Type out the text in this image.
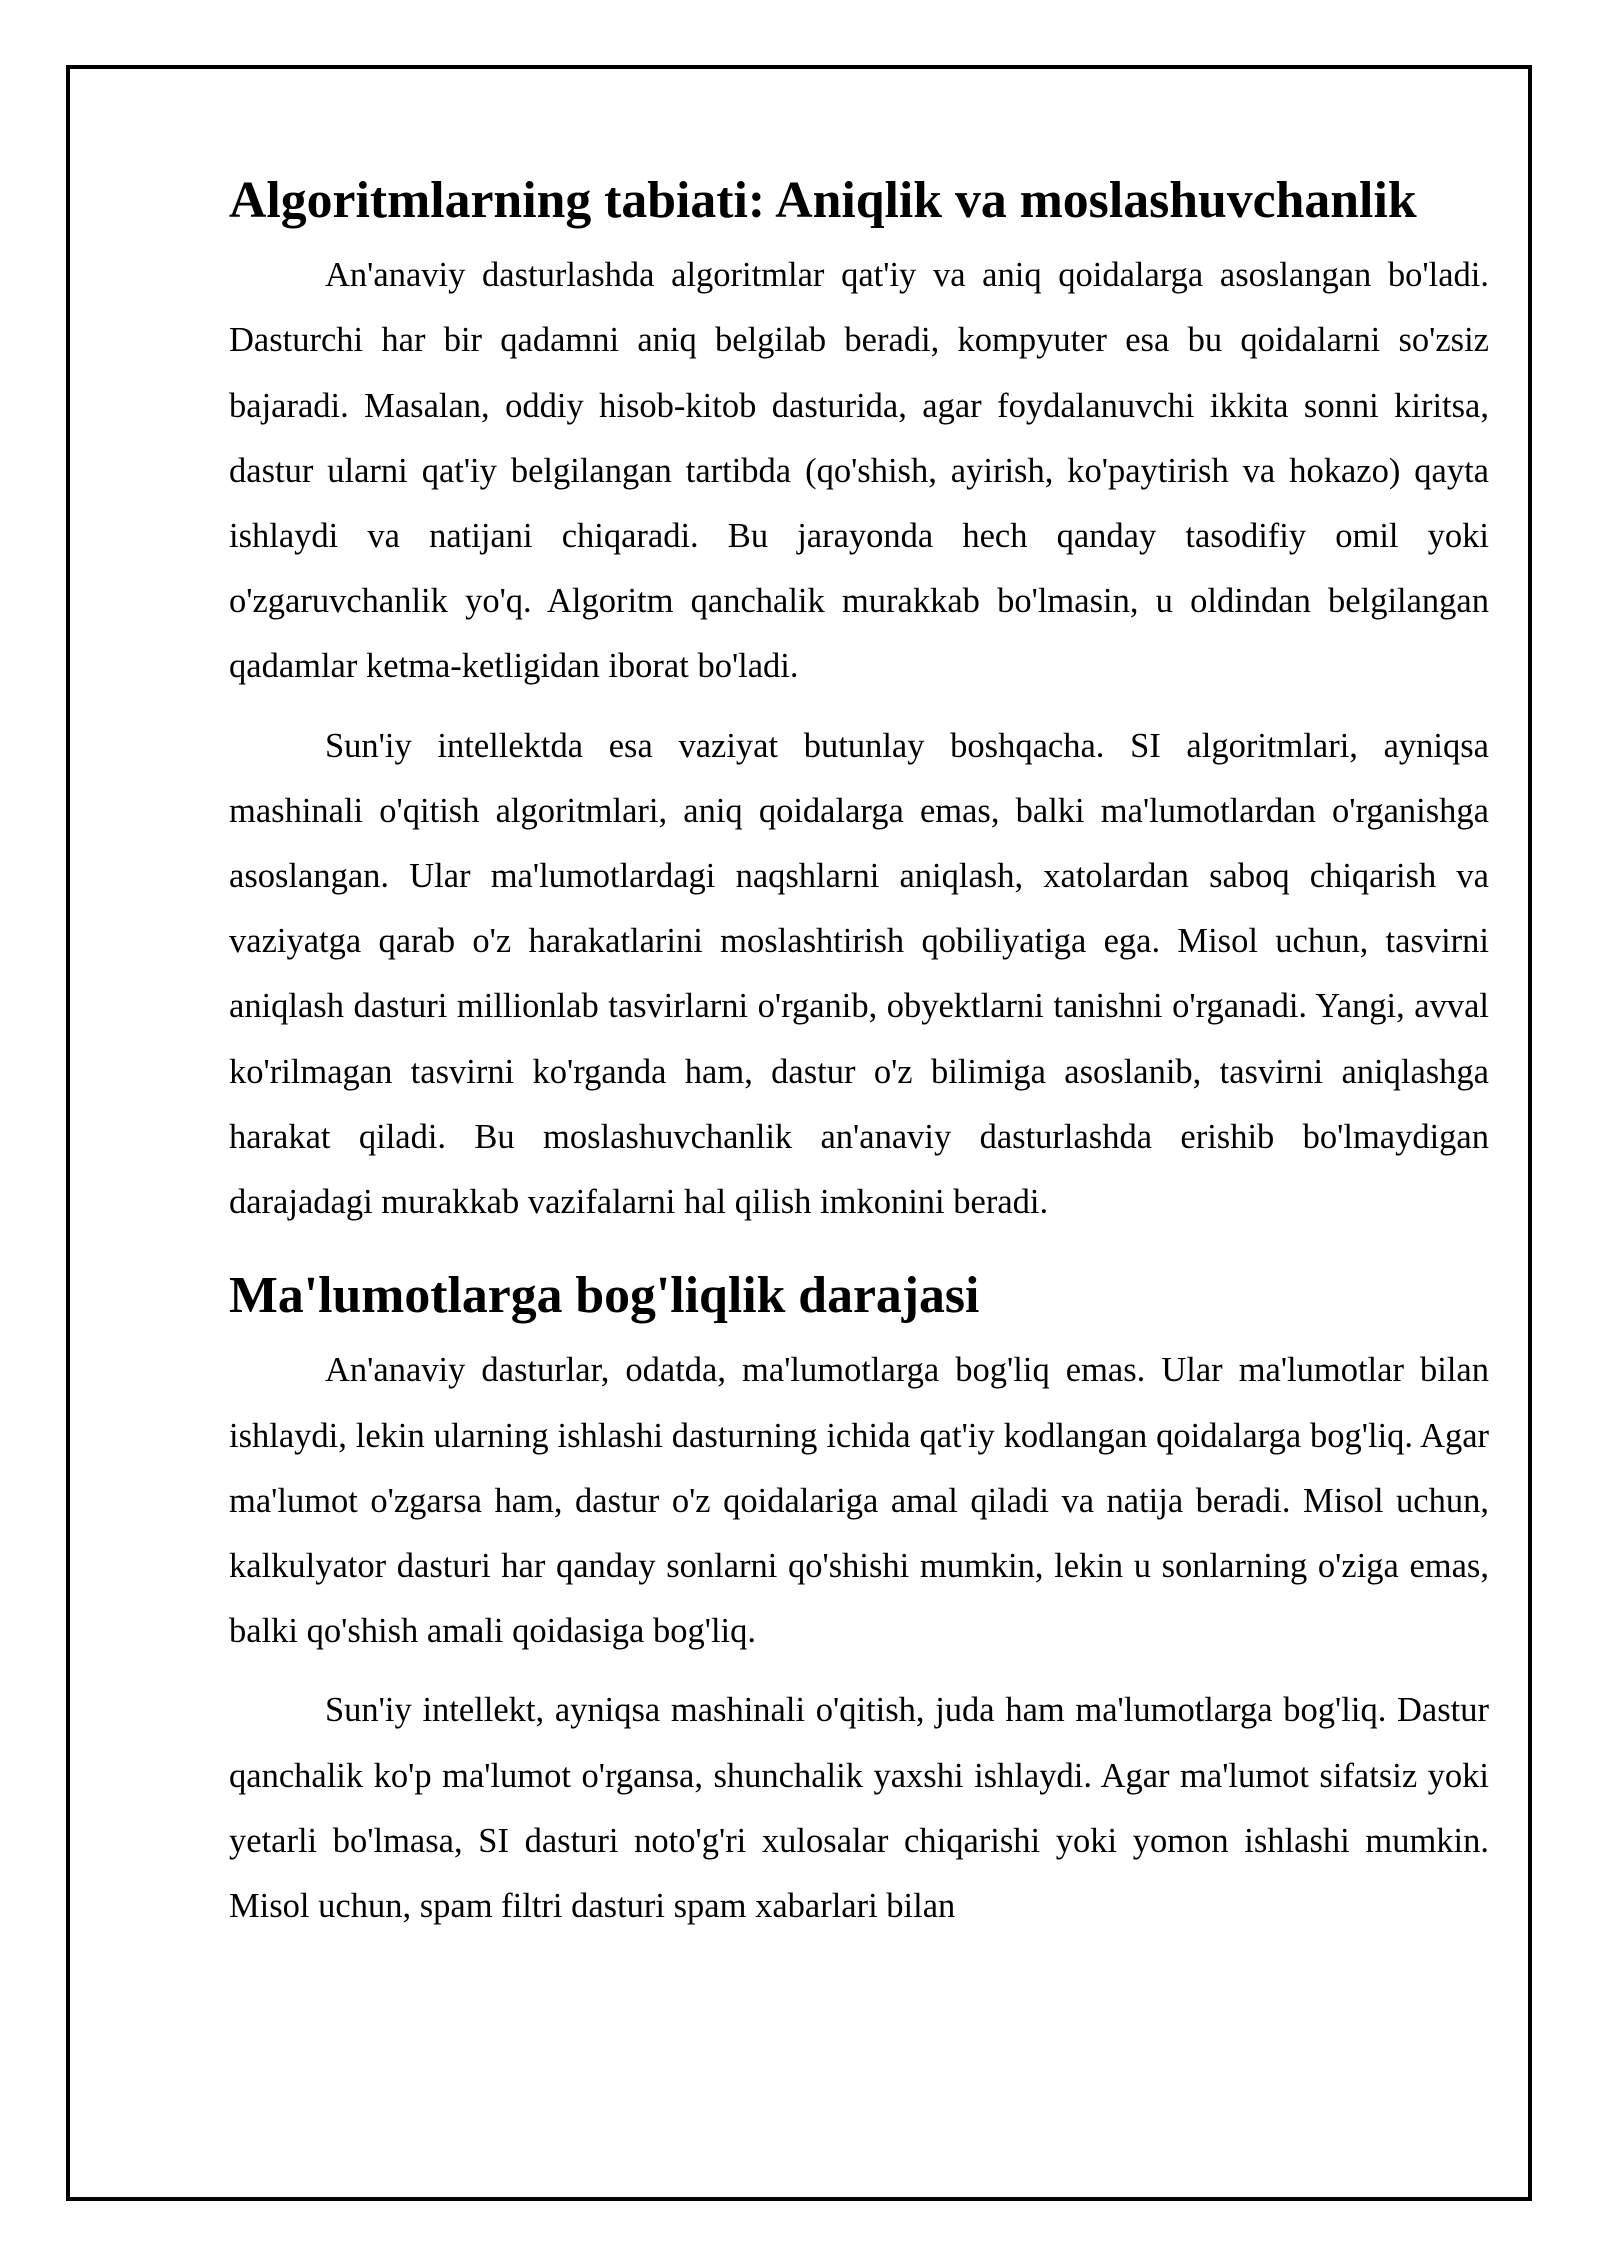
Algoritmlarning tabiati: Aniqlik va moslashuvchanlik

An'anaviy dasturlashda algoritmlar qat'iy va aniq qoidalarga asoslangan bo'ladi. Dasturchi har bir qadamni aniq belgilab beradi, kompyuter esa bu qoidalarni so'zsiz bajaradi. Masalan, oddiy hisob-kitob dasturida, agar foydalanuvchi ikkita sonni kiritsa, dastur ularni qat'iy belgilangan tartibda (qo'shish, ayirish, ko'paytirish va hokazo) qayta ishlaydi va natijani chiqaradi. Bu jarayonda hech qanday tasodifiy omil yoki o'zgaruvchanlik yo'q. Algoritm qanchalik murakkab bo'lmasin, u oldindan belgilangan qadamlar ketma-ketligidan iborat bo'ladi.

Sun'iy intellektda esa vaziyat butunlay boshqacha. SI algoritmlari, ayniqsa mashinali o'qitish algoritmlari, aniq qoidalarga emas, balki ma'lumotlardan o'rganishga asoslangan. Ular ma'lumotlardagi naqshlarni aniqlash, xatolardan saboq chiqarish va vaziyatga qarab o'z harakatlarini moslashtirish qobiliyatiga ega. Misol uchun, tasvirni aniqlash dasturi millionlab tasvirlarni o'rganib, obyektlarni tanishni o'rganadi. Yangi, avval ko'rilmagan tasvirni ko'rganda ham, dastur o'z bilimiga asoslanib, tasvirni aniqlashga harakat qiladi. Bu moslashuvchanlik an'anaviy dasturlashda erishib bo'lmaydigan darajadagi murakkab vazifalarni hal qilish imkonini beradi.

Ma'lumotlarga bog'liqlik darajasi

An'anaviy dasturlar, odatda, ma'lumotlarga bog'liq emas. Ular ma'lumotlar bilan ishlaydi, lekin ularning ishlashi dasturning ichida qat'iy kodlangan qoidalarga bog'liq. Agar ma'lumot o'zgarsa ham, dastur o'z qoidalariga amal qiladi va natija beradi. Misol uchun, kalkulyator dasturi har qanday sonlarni qo'shishi mumkin, lekin u sonlarning o'ziga emas, balki qo'shish amali qoidasiga bog'liq.

Sun'iy intellekt, ayniqsa mashinali o'qitish, juda ham ma'lumotlarga bog'liq. Dastur qanchalik ko'p ma'lumot o'rgansa, shunchalik yaxshi ishlaydi. Agar ma'lumot sifatsiz yoki yetarli bo'lmasa, SI dasturi noto'g'ri xulosalar chiqarishi yoki yomon ishlashi mumkin. Misol uchun, spam filtri dasturi spam xabarlari bilan
